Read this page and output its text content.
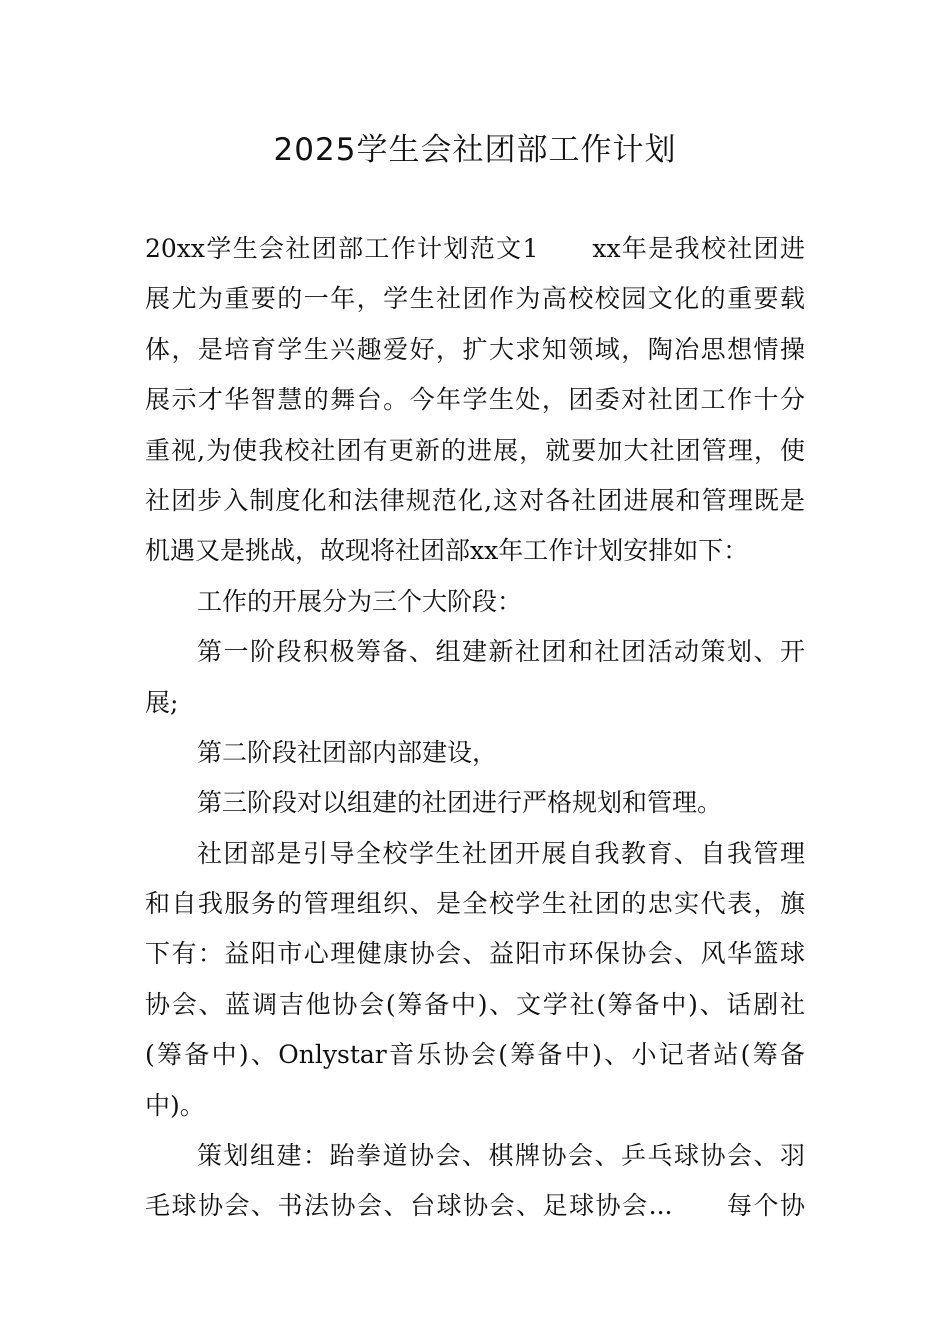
2025学生会社团部工作计划
20xx学生会社团部工作计划范文1　　xx年是我校社团进
展尤为重要的一年，学生社团作为高校校园文化的重要载
体，是培育学生兴趣爱好，扩大求知领域，陶冶思想情操
展示才华智慧的舞台。今年学生处，团委对社团工作十分
重视,为使我校社团有更新的进展，就要加大社团管理，使
社团步入制度化和法律规范化,这对各社团进展和管理既是
机遇又是挑战，故现将社团部xx年工作计划安排如下：
工作的开展分为三个大阶段：
第一阶段积极筹备、组建新社团和社团活动策划、开
展;
第二阶段社团部内部建设，
第三阶段对以组建的社团进行严格规划和管理。
社团部是引导全校学生社团开展自我教育、自我管理
和自我服务的管理组织、是全校学生社团的忠实代表，旗
下有：益阳市心理健康协会、益阳市环保协会、风华篮球
协会、蓝调吉他协会(筹备中)、文学社(筹备中)、话剧社
(筹备中)、Onlystar音乐协会(筹备中)、小记者站(筹备
中)。
策划组建：跆拳道协会、棋牌协会、乒乓球协会、羽
毛球协会、书法协会、台球协会、足球协会...　　每个协
